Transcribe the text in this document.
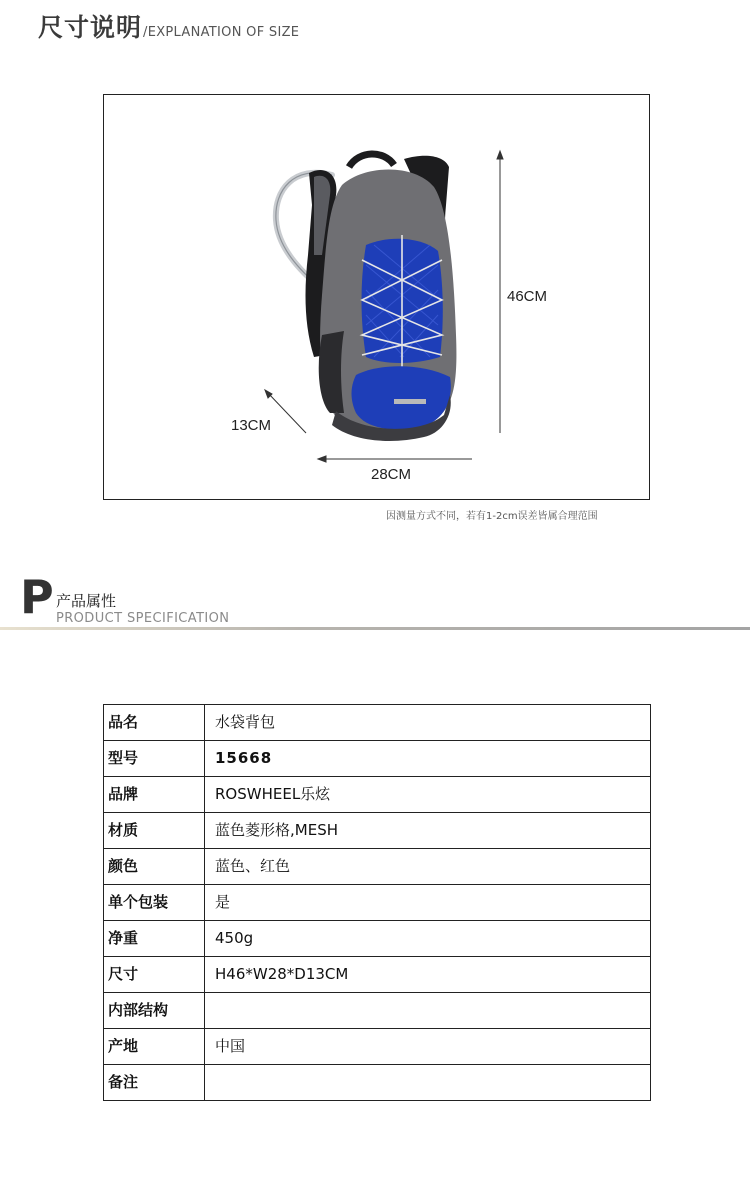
尺寸说明 /EXPLANATION OF SIZE
46CM
28CM
13CM
因测量方式不同，若有1-2cm误差皆属合理范围
P 产品属性
PRODUCT SPECIFICATION
品名	水袋背包
型号	15668
品牌	ROSWHEEL乐炫
材质	蓝色菱形格,MESH
颜色	蓝色、红色
单个包装	是
净重	450g
尺寸	H46*W28*D13CM
内部结构	
产地	中国
备注	
